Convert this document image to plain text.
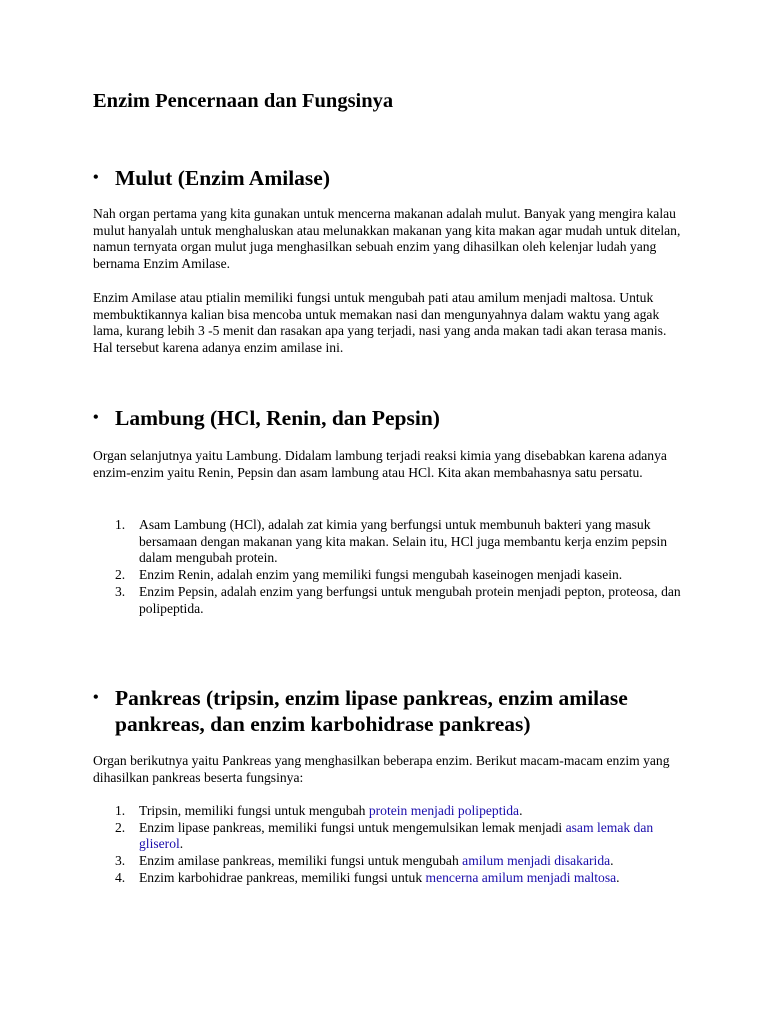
Enzim Pencernaan dan Fungsinya
• Mulut (Enzim Amilase)

Nah organ pertama yang kita gunakan untuk mencerna makanan adalah mulut. Banyak yang mengira kalau mulut hanyalah untuk menghaluskan atau melunakkan makanan yang kita makan agar mudah untuk ditelan, namun ternyata organ mulut juga menghasilkan sebuah enzim yang dihasilkan oleh kelenjar ludah yang bernama Enzim Amilase.

Enzim Amilase atau ptialin memiliki fungsi untuk mengubah pati atau amilum menjadi maltosa. Untuk membuktikannya kalian bisa mencoba untuk memakan nasi dan mengunyahnya dalam waktu yang agak lama, kurang lebih 3 -5 menit dan rasakan apa yang terjadi, nasi yang anda makan tadi akan terasa manis. Hal tersebut karena adanya enzim amilase ini.

• Lambung (HCl, Renin, dan Pepsin)

Organ selanjutnya yaitu Lambung. Didalam lambung terjadi reaksi kimia yang disebabkan karena adanya enzim-enzim yaitu Renin, Pepsin dan asam lambung atau HCl. Kita akan membahasnya satu persatu.

1. Asam Lambung (HCl), adalah zat kimia yang berfungsi untuk membunuh bakteri yang masuk bersamaan dengan makanan yang kita makan. Selain itu, HCl juga membantu kerja enzim pepsin dalam mengubah protein.
2. Enzim Renin, adalah enzim yang memiliki fungsi mengubah kaseinogen menjadi kasein.
3. Enzim Pepsin, adalah enzim yang berfungsi untuk mengubah protein menjadi pepton, proteosa, dan polipeptida.
• Pankreas (tripsin, enzim lipase pankreas, enzim amilase pankreas, dan enzim karbohidrase pankreas)

Organ berikutnya yaitu Pankreas yang menghasilkan beberapa enzim. Berikut macam-macam enzim yang dihasilkan pankreas beserta fungsinya:

1. Tripsin, memiliki fungsi untuk mengubah protein menjadi polipeptida.
2. Enzim lipase pankreas, memiliki fungsi untuk mengemulsikan lemak menjadi asam lemak dan gliserol.
3. Enzim amilase pankreas, memiliki fungsi untuk mengubah amilum menjadi disakarida.
4. Enzim karbohidrae pankreas, memiliki fungsi untuk mencerna amilum menjadi maltosa.
